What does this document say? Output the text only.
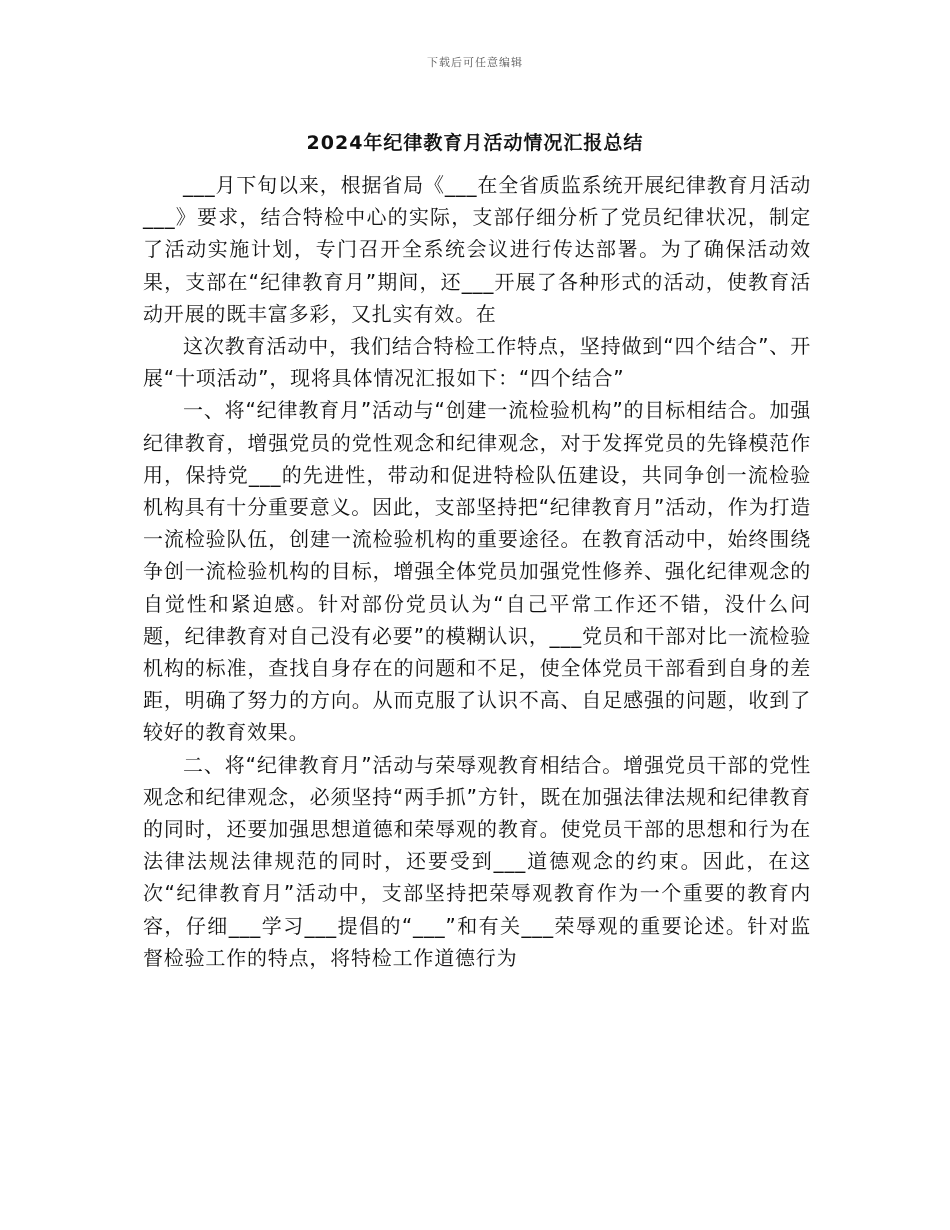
下载后可任意编辑
2024年纪律教育月活动情况汇报总结

___月下旬以来，根据省局《___在全省质监系统开展纪律教育月活动___》要求，结合特检中心的实际，支部仔细分析了党员纪律状况，制定了活动实施计划，专门召开全系统会议进行传达部署。为了确保活动效果，支部在“纪律教育月”期间，还___开展了各种形式的活动，使教育活动开展的既丰富多彩，又扎实有效。在

这次教育活动中，我们结合特检工作特点，坚持做到“四个结合”、开展“十项活动”，现将具体情况汇报如下：“四个结合”

一、将“纪律教育月”活动与“创建一流检验机构”的目标相结合。加强纪律教育，增强党员的党性观念和纪律观念，对于发挥党员的先锋模范作用，保持党___的先进性，带动和促进特检队伍建设，共同争创一流检验机构具有十分重要意义。因此，支部坚持把“纪律教育月”活动，作为打造一流检验队伍，创建一流检验机构的重要途径。在教育活动中，始终围绕争创一流检验机构的目标，增强全体党员加强党性修养、强化纪律观念的自觉性和紧迫感。针对部份党员认为“自己平常工作还不错，没什么问题，纪律教育对自己没有必要”的模糊认识，___党员和干部对比一流检验机构的标准，查找自身存在的问题和不足，使全体党员干部看到自身的差距，明确了努力的方向。从而克服了认识不高、自足感强的问题，收到了较好的教育效果。

二、将“纪律教育月”活动与荣辱观教育相结合。增强党员干部的党性观念和纪律观念，必须坚持“两手抓”方针，既在加强法律法规和纪律教育的同时，还要加强思想道德和荣辱观的教育。使党员干部的思想和行为在法律法规法律规范的同时，还要受到___道德观念的约束。因此，在这次“纪律教育月”活动中，支部坚持把荣辱观教育作为一个重要的教育内容，仔细___学习___提倡的“___”和有关___荣辱观的重要论述。针对监督检验工作的特点，将特检工作道德行为
